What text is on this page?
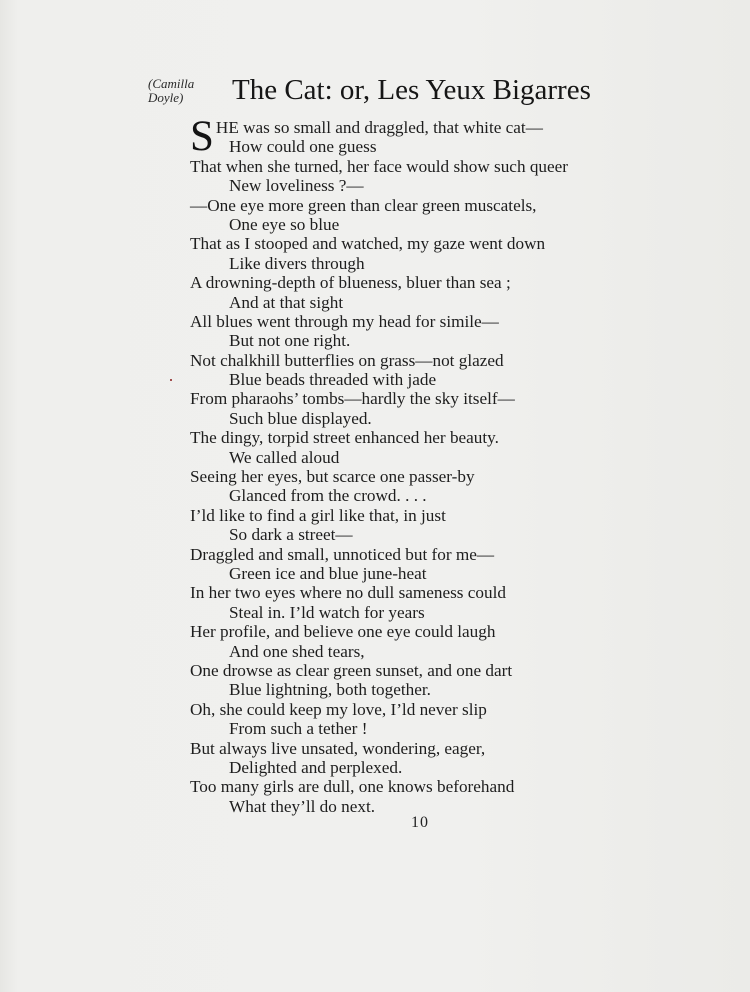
(Camilla Doyle)	The Cat: or, Les Yeux Bigarres
SHE was so small and draggled, that white cat—
How could one guess
That when she turned, her face would show such queer
New loveliness ?—
—One eye more green than clear green muscatels,
One eye so blue
That as I stooped and watched, my gaze went down
Like divers through
A drowning-depth of blueness, bluer than sea ;
And at that sight
All blues went through my head for simile—
But not one right.
Not chalkhill butterflies on grass—not glazed
Blue beads threaded with jade
From pharaohs’ tombs—hardly the sky itself—
Such blue displayed.
The dingy, torpid street enhanced her beauty.
We called aloud
Seeing her eyes, but scarce one passer-by
Glanced from the crowd. . . .
I’ld like to find a girl like that, in just
So dark a street—
Draggled and small, unnoticed but for me—
Green ice and blue june-heat
In her two eyes where no dull sameness could
Steal in. I’ld watch for years
Her profile, and believe one eye could laugh
And one shed tears,
One drowse as clear green sunset, and one dart
Blue lightning, both together.
Oh, she could keep my love, I’ld never slip
From such a tether !
But always live unsated, wondering, eager,
Delighted and perplexed.
Too many girls are dull, one knows beforehand
What they’ll do next.
10
